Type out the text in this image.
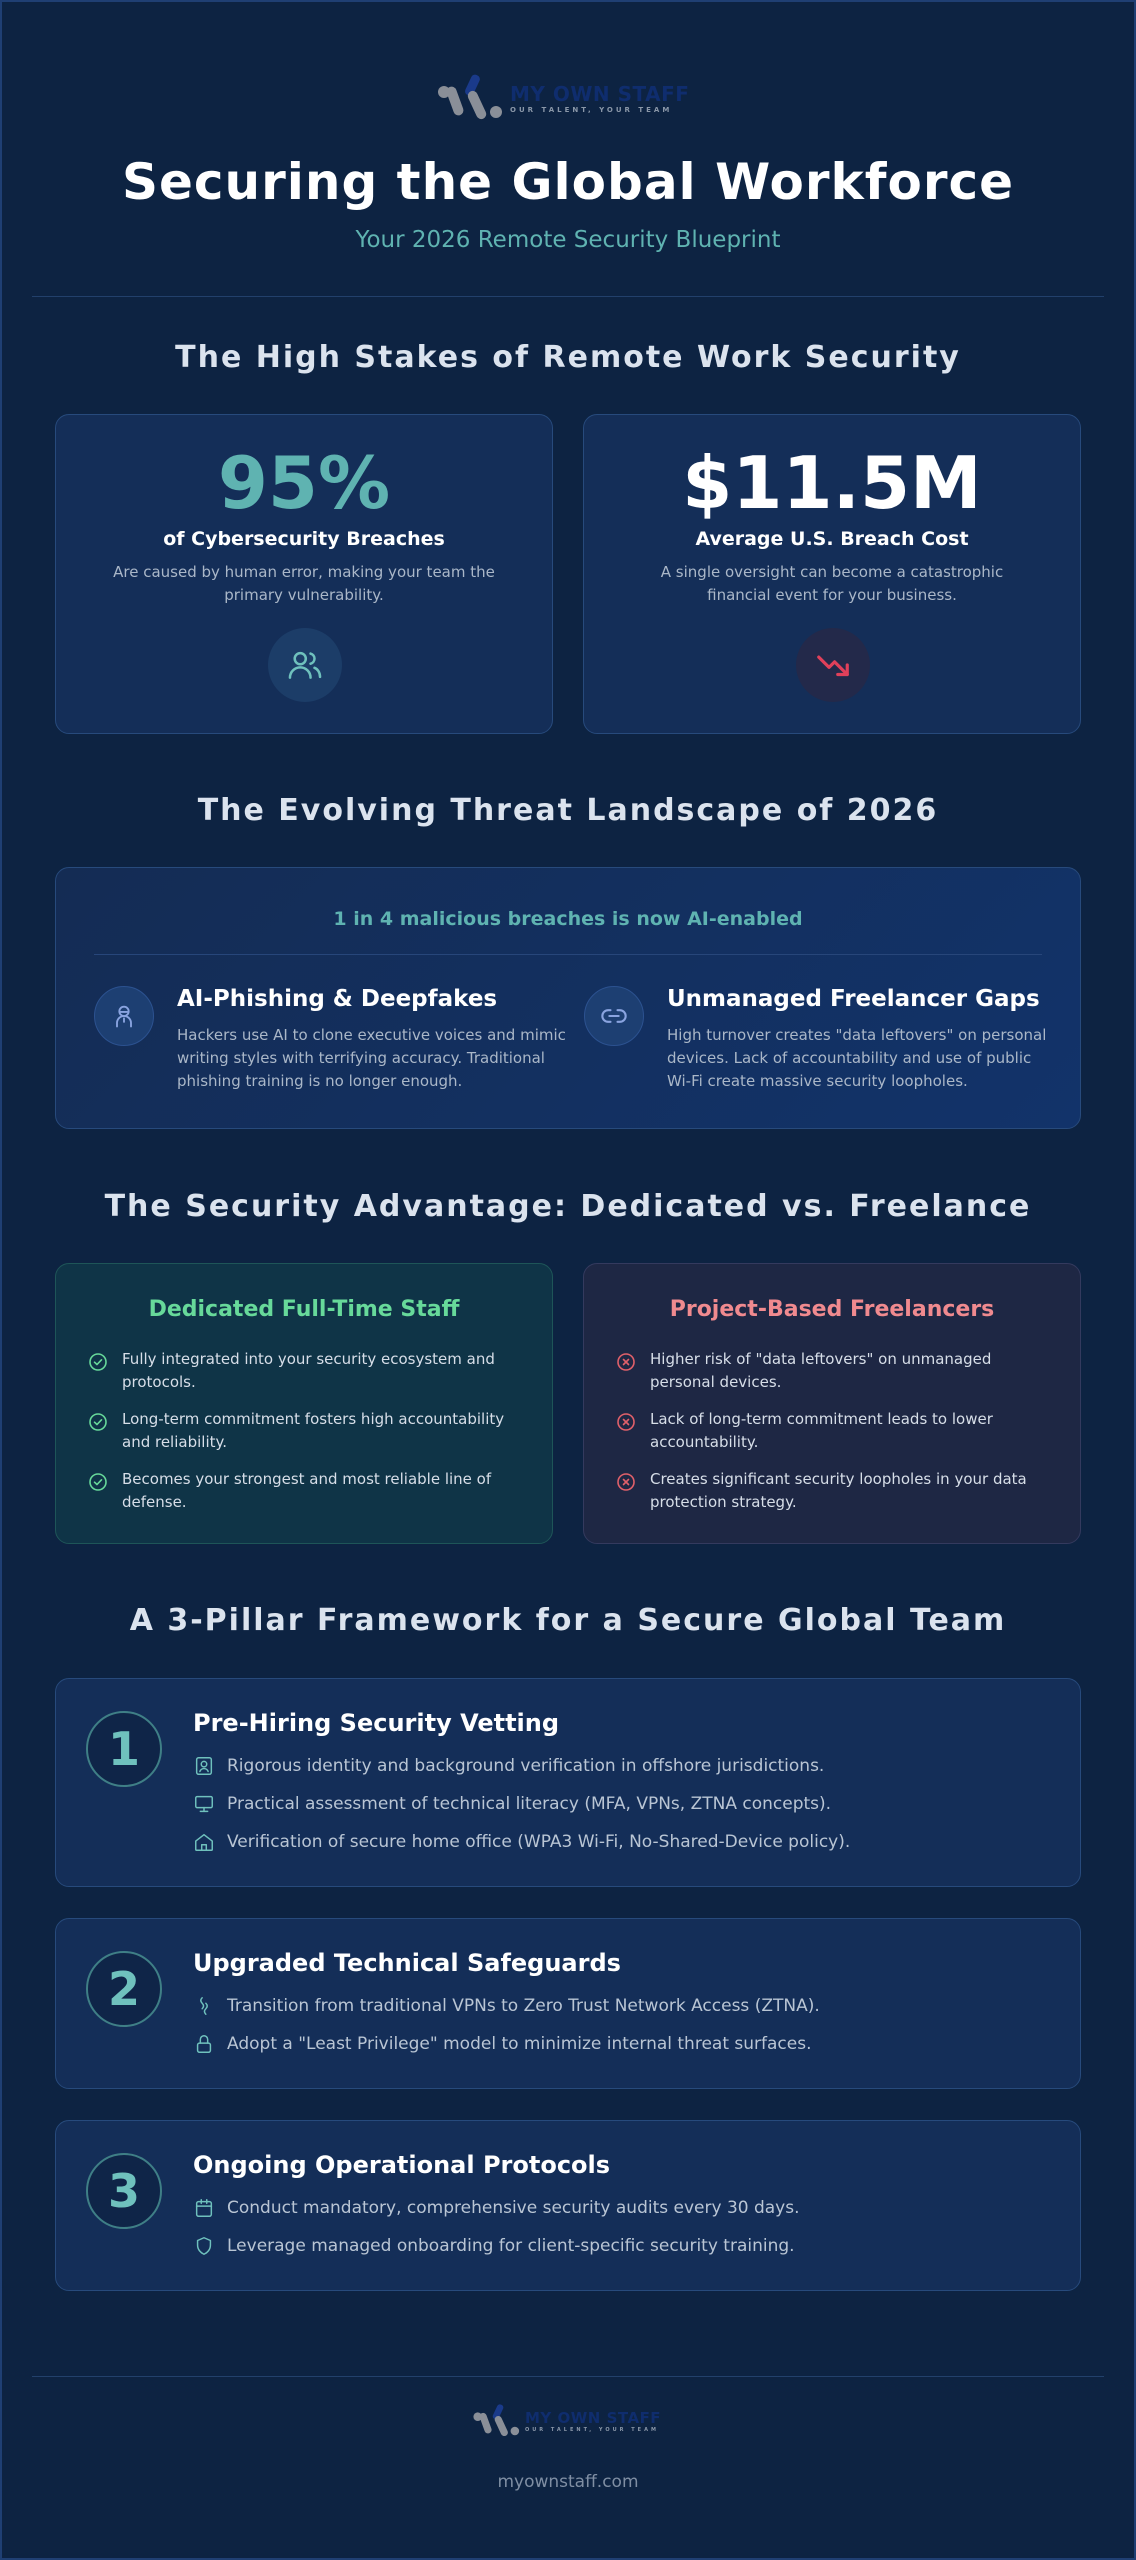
MY OWN STAFF
OUR TALENT, YOUR TEAM
Securing the Global Workforce
Your 2026 Remote Security Blueprint
The High Stakes of Remote Work Security
95%
of Cybersecurity Breaches
Are caused by human error, making your team the primary vulnerability.
$11.5M
Average U.S. Breach Cost
A single oversight can become a catastrophic financial event for your business.
The Evolving Threat Landscape of 2026
1 in 4 malicious breaches is now AI-enabled
AI-Phishing & Deepfakes
Hackers use AI to clone executive voices and mimic writing styles with terrifying accuracy. Traditional phishing training is no longer enough.
Unmanaged Freelancer Gaps
High turnover creates "data leftovers" on personal devices. Lack of accountability and use of public Wi-Fi create massive security loopholes.
The Security Advantage: Dedicated vs. Freelance
Dedicated Full-Time Staff
Fully integrated into your security ecosystem and protocols.
Long-term commitment fosters high accountability and reliability.
Becomes your strongest and most reliable line of defense.
Project-Based Freelancers
Higher risk of "data leftovers" on unmanaged personal devices.
Lack of long-term commitment leads to lower accountability.
Creates significant security loopholes in your data protection strategy.
A 3-Pillar Framework for a Secure Global Team
1	Pre-Hiring Security Vetting
Rigorous identity and background verification in offshore jurisdictions.
Practical assessment of technical literacy (MFA, VPNs, ZTNA concepts).
Verification of secure home office (WPA3 Wi-Fi, No-Shared-Device policy).
2	Upgraded Technical Safeguards
Transition from traditional VPNs to Zero Trust Network Access (ZTNA).
Adopt a "Least Privilege" model to minimize internal threat surfaces.
3	Ongoing Operational Protocols
Conduct mandatory, comprehensive security audits every 30 days.
Leverage managed onboarding for client-specific security training.
MY OWN STAFF
OUR TALENT, YOUR TEAM
myownstaff.com
